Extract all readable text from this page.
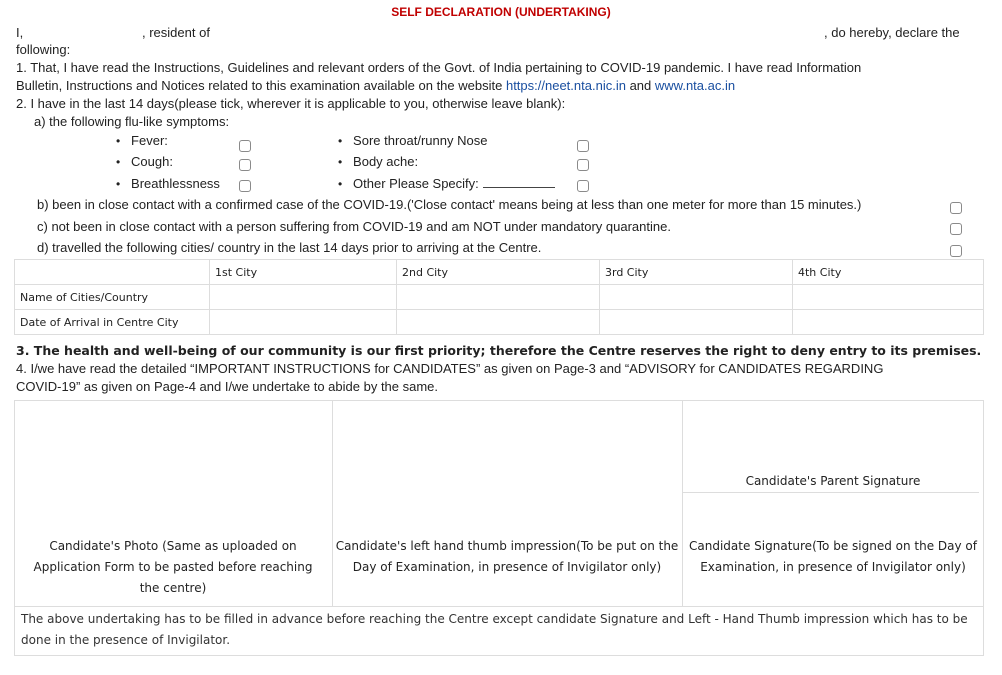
SELF DECLARATION (UNDERTAKING)
I,	, resident of	, do hereby, declare the
following:
1. That, I have read the Instructions, Guidelines and relevant orders of the Govt. of India pertaining to COVID-19 pandemic. I have read Information
Bulletin, Instructions and Notices related to this examination available on the website https://neet.nta.nic.in and www.nta.ac.in
2. I have in the last 14 days(please tick, wherever it is applicable to you, otherwise leave blank):
a) the following flu-like symptoms:
• Fever:
• Cough:
• Breathlessness
• Sore throat/runny Nose
• Body ache:
• Other Please Specify:
b) been in close contact with a confirmed case of the COVID-19.('Close contact' means being at less than one meter for more than 15 minutes.)
c) not been in close contact with a person suffering from COVID-19 and am NOT under mandatory quarantine.
d) travelled the following cities/ country in the last 14 days prior to arriving at the Centre.
	1st City	2nd City	3rd City	4th City
Name of Cities/Country				
Date of Arrival in Centre City				
3. The health and well-being of our community is our first priority; therefore the Centre reserves the right to deny entry to its premises.
4. I/we have read the detailed “IMPORTANT INSTRUCTIONS for CANDIDATES” as given on Page-3 and “ADVISORY for CANDIDATES REGARDING
COVID-19” as given on Page-4 and I/we undertake to abide by the same.
Candidate's Parent Signature
Candidate's Photo (Same as uploaded on Application Form to be pasted before reaching the centre)
Candidate's left hand thumb impression(To be put on the Day of Examination, in presence of Invigilator only)
Candidate Signature(To be signed on the Day of Examination, in presence of Invigilator only)
The above undertaking has to be filled in advance before reaching the Centre except candidate Signature and Left - Hand Thumb impression which has to be done in the presence of Invigilator.
